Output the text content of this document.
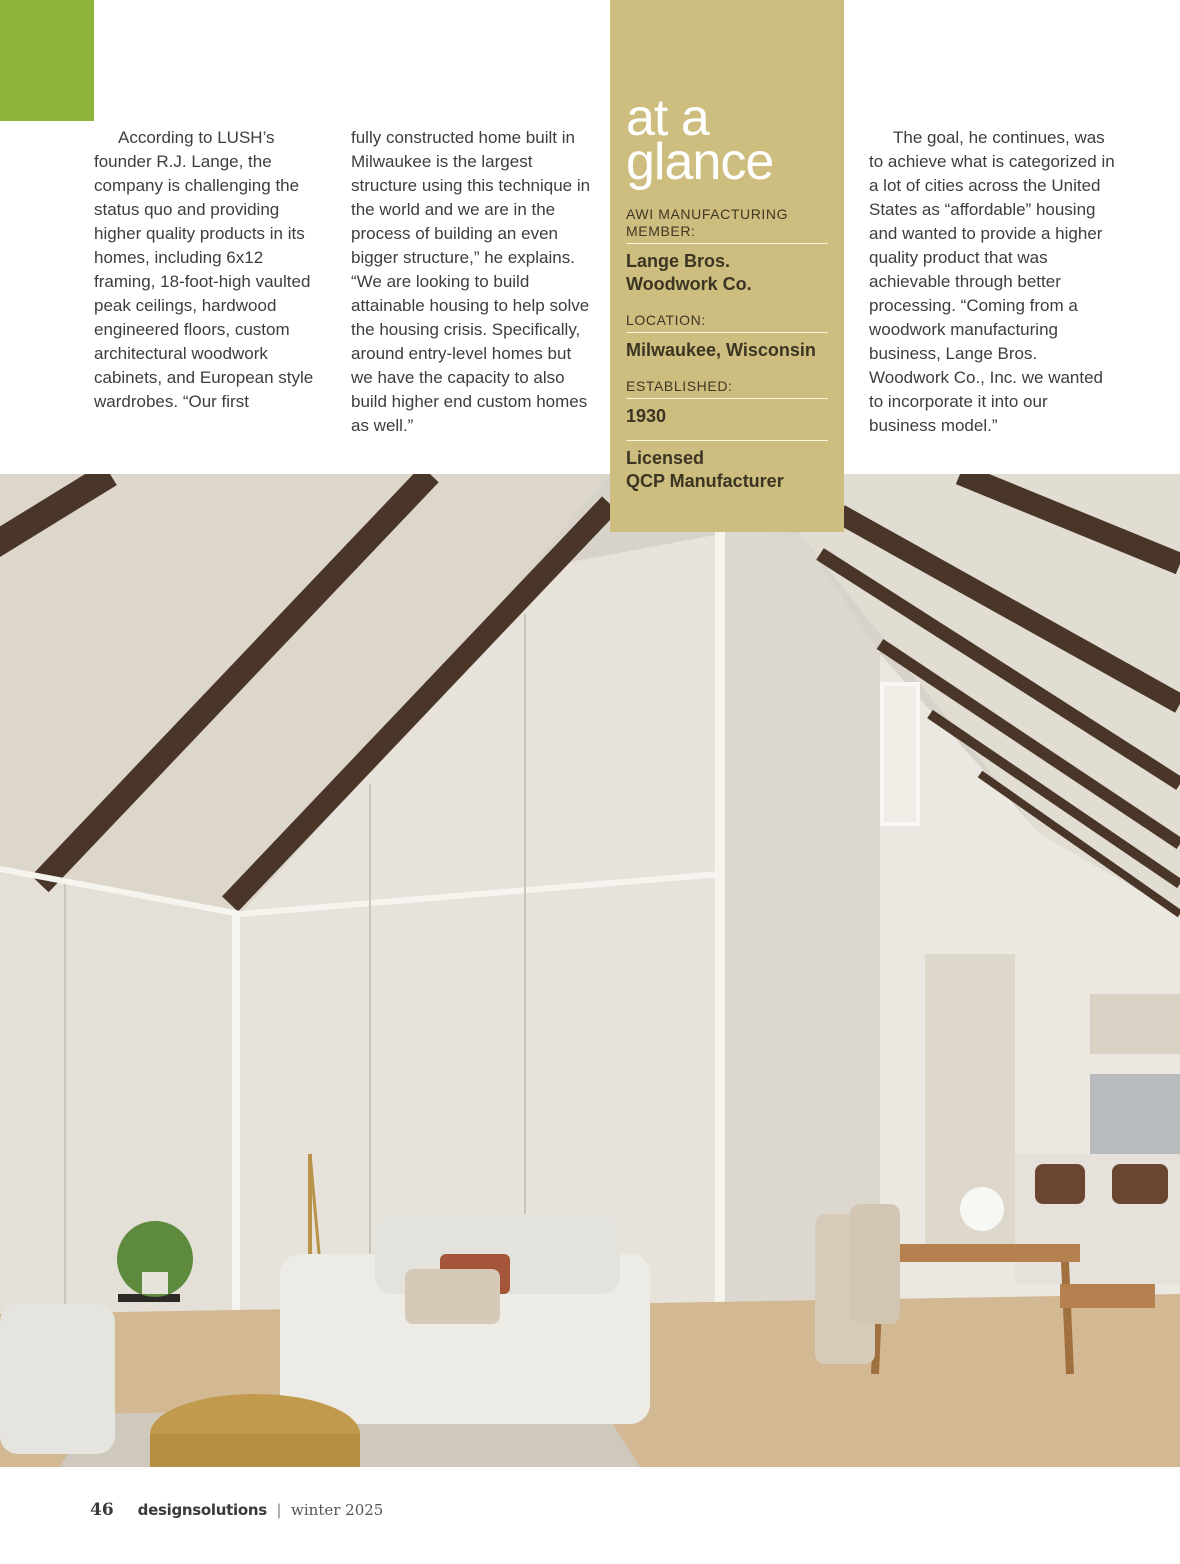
According to LUSH’s founder R.J. Lange, the company is challenging the status quo and providing higher quality products in its homes, including 6x12 framing, 18-foot-high vaulted peak ceilings, hardwood engineered floors, custom architectural woodwork cabinets, and European style wardrobes. “Our first

fully constructed home built in Milwaukee is the largest structure using this technique in the world and we are in the process of building an even bigger structure,” he explains. “We are looking to build attainable housing to help solve the housing crisis. Specifically, around entry-level homes but we have the capacity to also build higher end custom homes as well.”

The goal, he continues, was to achieve what is categorized in a lot of cities across the United States as “affordable” housing and wanted to provide a higher quality product that was achievable through better processing. “Coming from a woodwork manufacturing business, Lange Bros. Woodwork Co., Inc. we wanted to incorporate it into our business model.”

at a
glance
AWI MANUFACTURING MEMBER:
Lange Bros.
Woodwork Co.
LOCATION:
Milwaukee, Wisconsin
ESTABLISHED:
1930
Licensed
QCP Manufacturer
46 designsolutions | winter 2025
